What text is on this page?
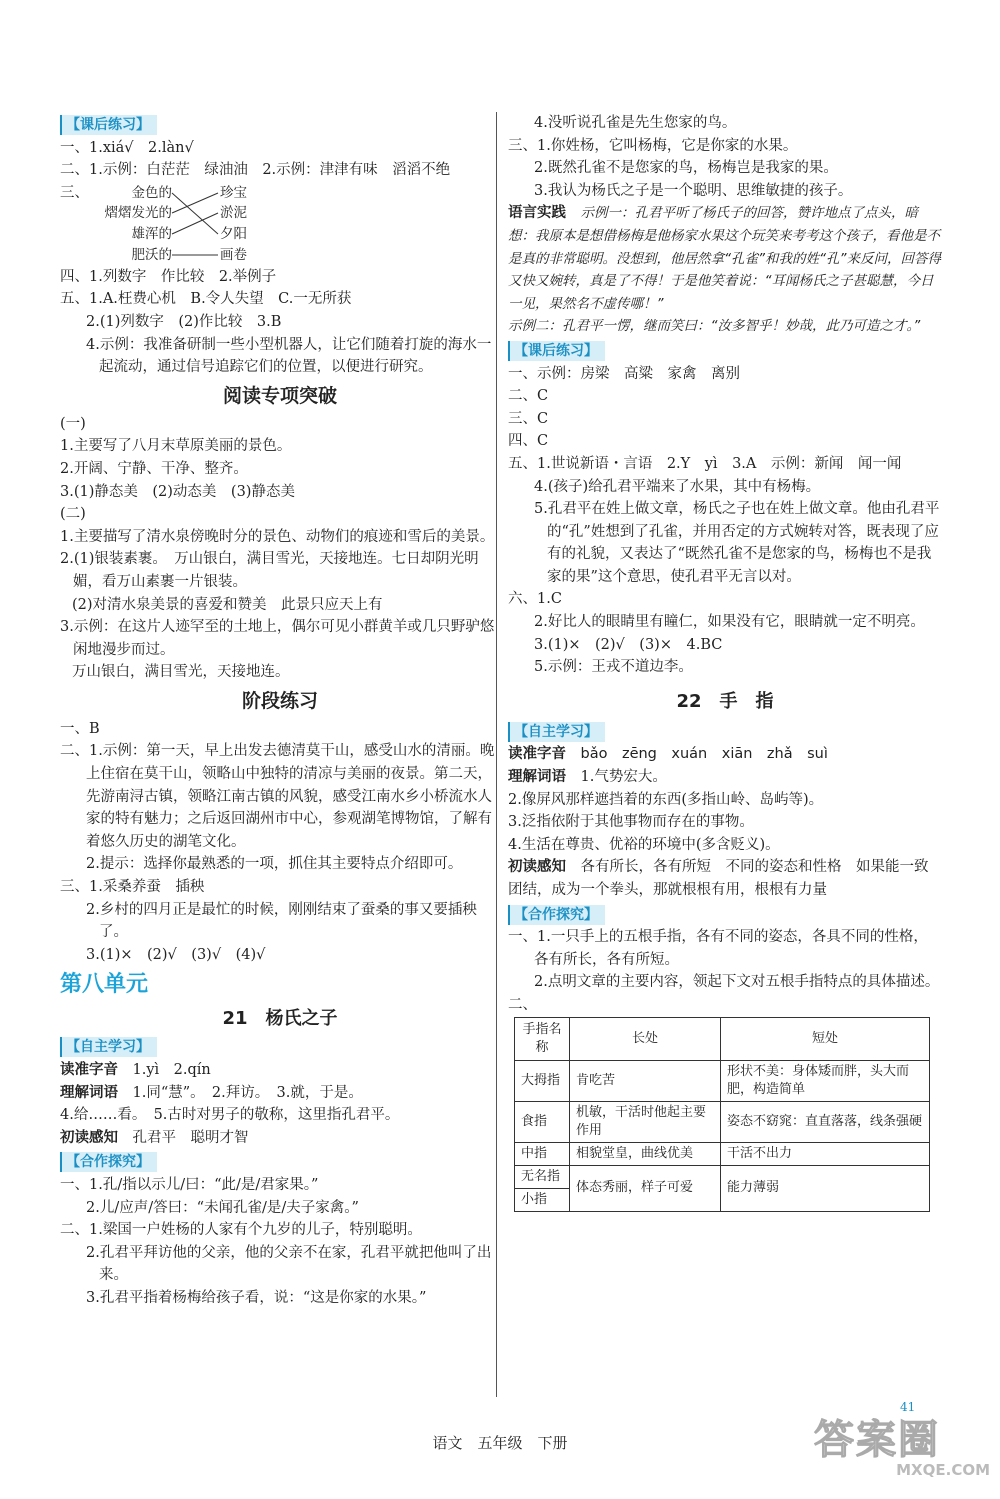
【课后练习】

一、1.xiá√　2.làn√

二、1.示例：白茫茫　绿油油　2.示例：津津有味　滔滔不绝

三、	金色的
熠熠发光的
雄浑的
肥沃的
珍宝
淤泥
夕阳
画卷

四、1.列数字　作比较　2.举例子

五、1.A.枉费心机　B.令人失望　C.一无所获

2.(1)列数字　(2)作比较　3.B

4.示例：我准备研制一些小型机器人，让它们随着打旋的海水一起流动，通过信号追踪它们的位置，以便进行研究。

阅读专项突破

(一)

1.主要写了八月末草原美丽的景色。

2.开阔、宁静、干净、整齐。

3.(1)静态美　(2)动态美　(3)静态美

(二)

1.主要描写了清水泉傍晚时分的景色、动物们的痕迹和雪后的美景。

2.(1)银装素裹。　万山银白，满目雪光，天接地连。七日却阴光明媚，看万山素裹一片银装。

(2)对清水泉美景的喜爱和赞美　此景只应天上有

3.示例：在这片人迹罕至的土地上，偶尔可见小群黄羊或几只野驴悠闲地漫步而过。

万山银白，满目雪光，天接地连。

阶段练习

一、B

二、1.示例：第一天，早上出发去德清莫干山，感受山水的清丽。晚上住宿在莫干山，领略山中独特的清凉与美丽的夜景。第二天，先游南浔古镇，领略江南古镇的风貌，感受江南水乡小桥流水人家的特有魅力；之后返回湖州市中心，参观湖笔博物馆，了解有着悠久历史的湖笔文化。

2.提示：选择你最熟悉的一项，抓住其主要特点介绍即可。

三、1.采桑养蚕　插秧

2.乡村的四月正是最忙的时候，刚刚结束了蚕桑的事又要插秧了。

3.(1)×　(2)√　(3)√　(4)√

第八单元
21　杨氏之子
【自主学习】

读准字音　 1.yì　2.qín

理解词语　 1.同“慧”。　2.拜访。　3.就，于是。

4.给……看。　5.古时对男子的敬称，这里指孔君平。

初读感知　 孔君平　聪明才智

【合作探究】

一、1.孔/指以示儿/曰：“此/是/君家果。”

2.儿/应声/答曰：“未闻孔雀/是/夫子家禽。”

二、1.梁国一户姓杨的人家有个九岁的儿子，特别聪明。

2.孔君平拜访他的父亲，他的父亲不在家，孔君平就把他叫了出来。

3.孔君平指着杨梅给孩子看，说：“这是你家的水果。”

4.没听说孔雀是先生您家的鸟。

三、1.你姓杨，它叫杨梅，它是你家的水果。

2.既然孔雀不是您家的鸟，杨梅岂是我家的果。

3.我认为杨氏之子是一个聪明、思维敏捷的孩子。

语言实践　 示例一：孔君平听了杨氏子的回答，赞许地点了点头，暗想：我原本是想借杨梅是他杨家水果这个玩笑来考考这个孩子，看他是不是真的非常聪明。没想到，他居然拿“孔雀”和我的姓“孔”来反问，回答得又快又婉转，真是了不得！于是他笑着说：“耳闻杨氏之子甚聪慧，今日一见，果然名不虚传哪！”

示例二：孔君平一愣，继而笑曰：“汝多智乎！妙哉，此乃可造之才。”

【课后练习】

一、示例：房梁　高粱　家禽　离别

二、C

三、C

四、C

五、1.世说新语・言语　2.Y　yì　3.A　示例：新闻　闻一闻

4.(孩子)给孔君平端来了水果，其中有杨梅。

5.孔君平在姓上做文章，杨氏之子也在姓上做文章。他由孔君平的“孔”姓想到了孔雀，并用否定的方式婉转对答，既表现了应有的礼貌，又表达了“既然孔雀不是您家的鸟，杨梅也不是我家的果”这个意思，使孔君平无言以对。

六、1.C

2.好比人的眼睛里有瞳仁，如果没有它，眼睛就一定不明亮。

3.(1)×　(2)√　(3)×　4.BC

5.示例：王戎不道边李。

22　手　指
【自主学习】

读准字音　 bǎo　zēng　xuán　xiān　zhǎ　suì

理解词语　 1.气势宏大。

2.像屏风那样遮挡着的东西(多指山岭、岛屿等)。

3.泛指依附于其他事物而存在的事物。

4.生活在尊贵、优裕的环境中(多含贬义)。

初读感知　 各有所长，各有所短　不同的姿态和性格　如果能一致团结，成为一个拳头，那就根根有用，根根有力量

【合作探究】

一、1.一只手上的五根手指，各有不同的姿态，各具不同的性格，各有所长，各有所短。

2.点明文章的主要内容，领起下文对五根手指特点的具体描述。

二、

手指名称	长处	短处
大拇指	肯吃苦	形状不美：身体矮而胖，头大而肥，构造简单
食指	机敏，干活时他起主要作用	姿态不窈窕：直直落落，线条强硬
中指	相貌堂皇，曲线优美	干活不出力
无名指	体态秀丽，样子可爱	能力薄弱
小指		
41
语文　五年级　下册	答案圈
MXQE.COM
